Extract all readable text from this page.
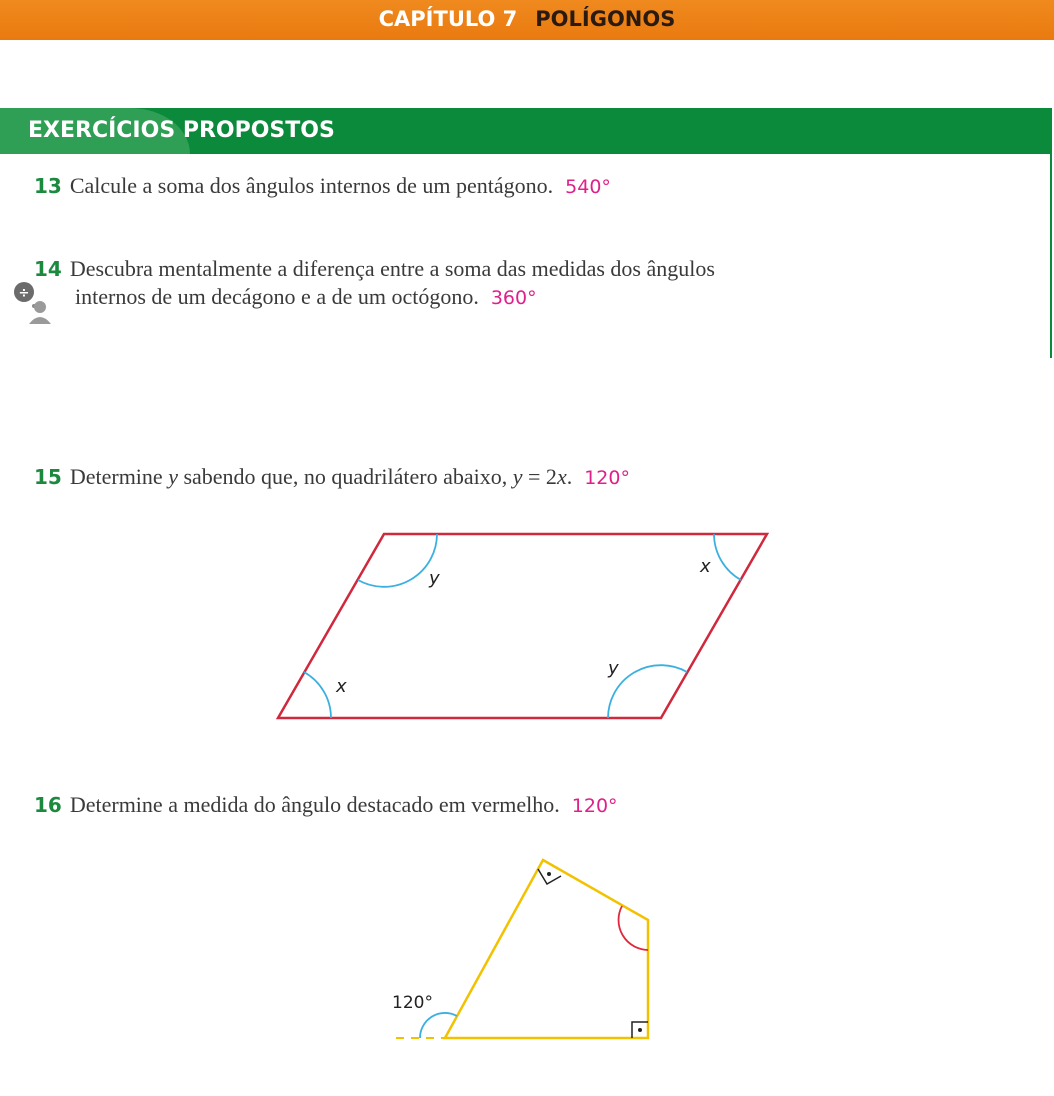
CAPÍTULO 7 POLÍGONOS
EXERCÍCIOS PROPOSTOS
13 Calcule a soma dos ângulos internos de um pentágono. 540°
14 Descubra mentalmente a diferença entre a soma das medidas dos ângulos
internos de um decágono e a de um octógono. 360°
÷
15 Determine y sabendo que, no quadrilátero abaixo, y = 2x. 120°
y
x
x
y
16 Determine a medida do ângulo destacado em vermelho. 120°
120°
